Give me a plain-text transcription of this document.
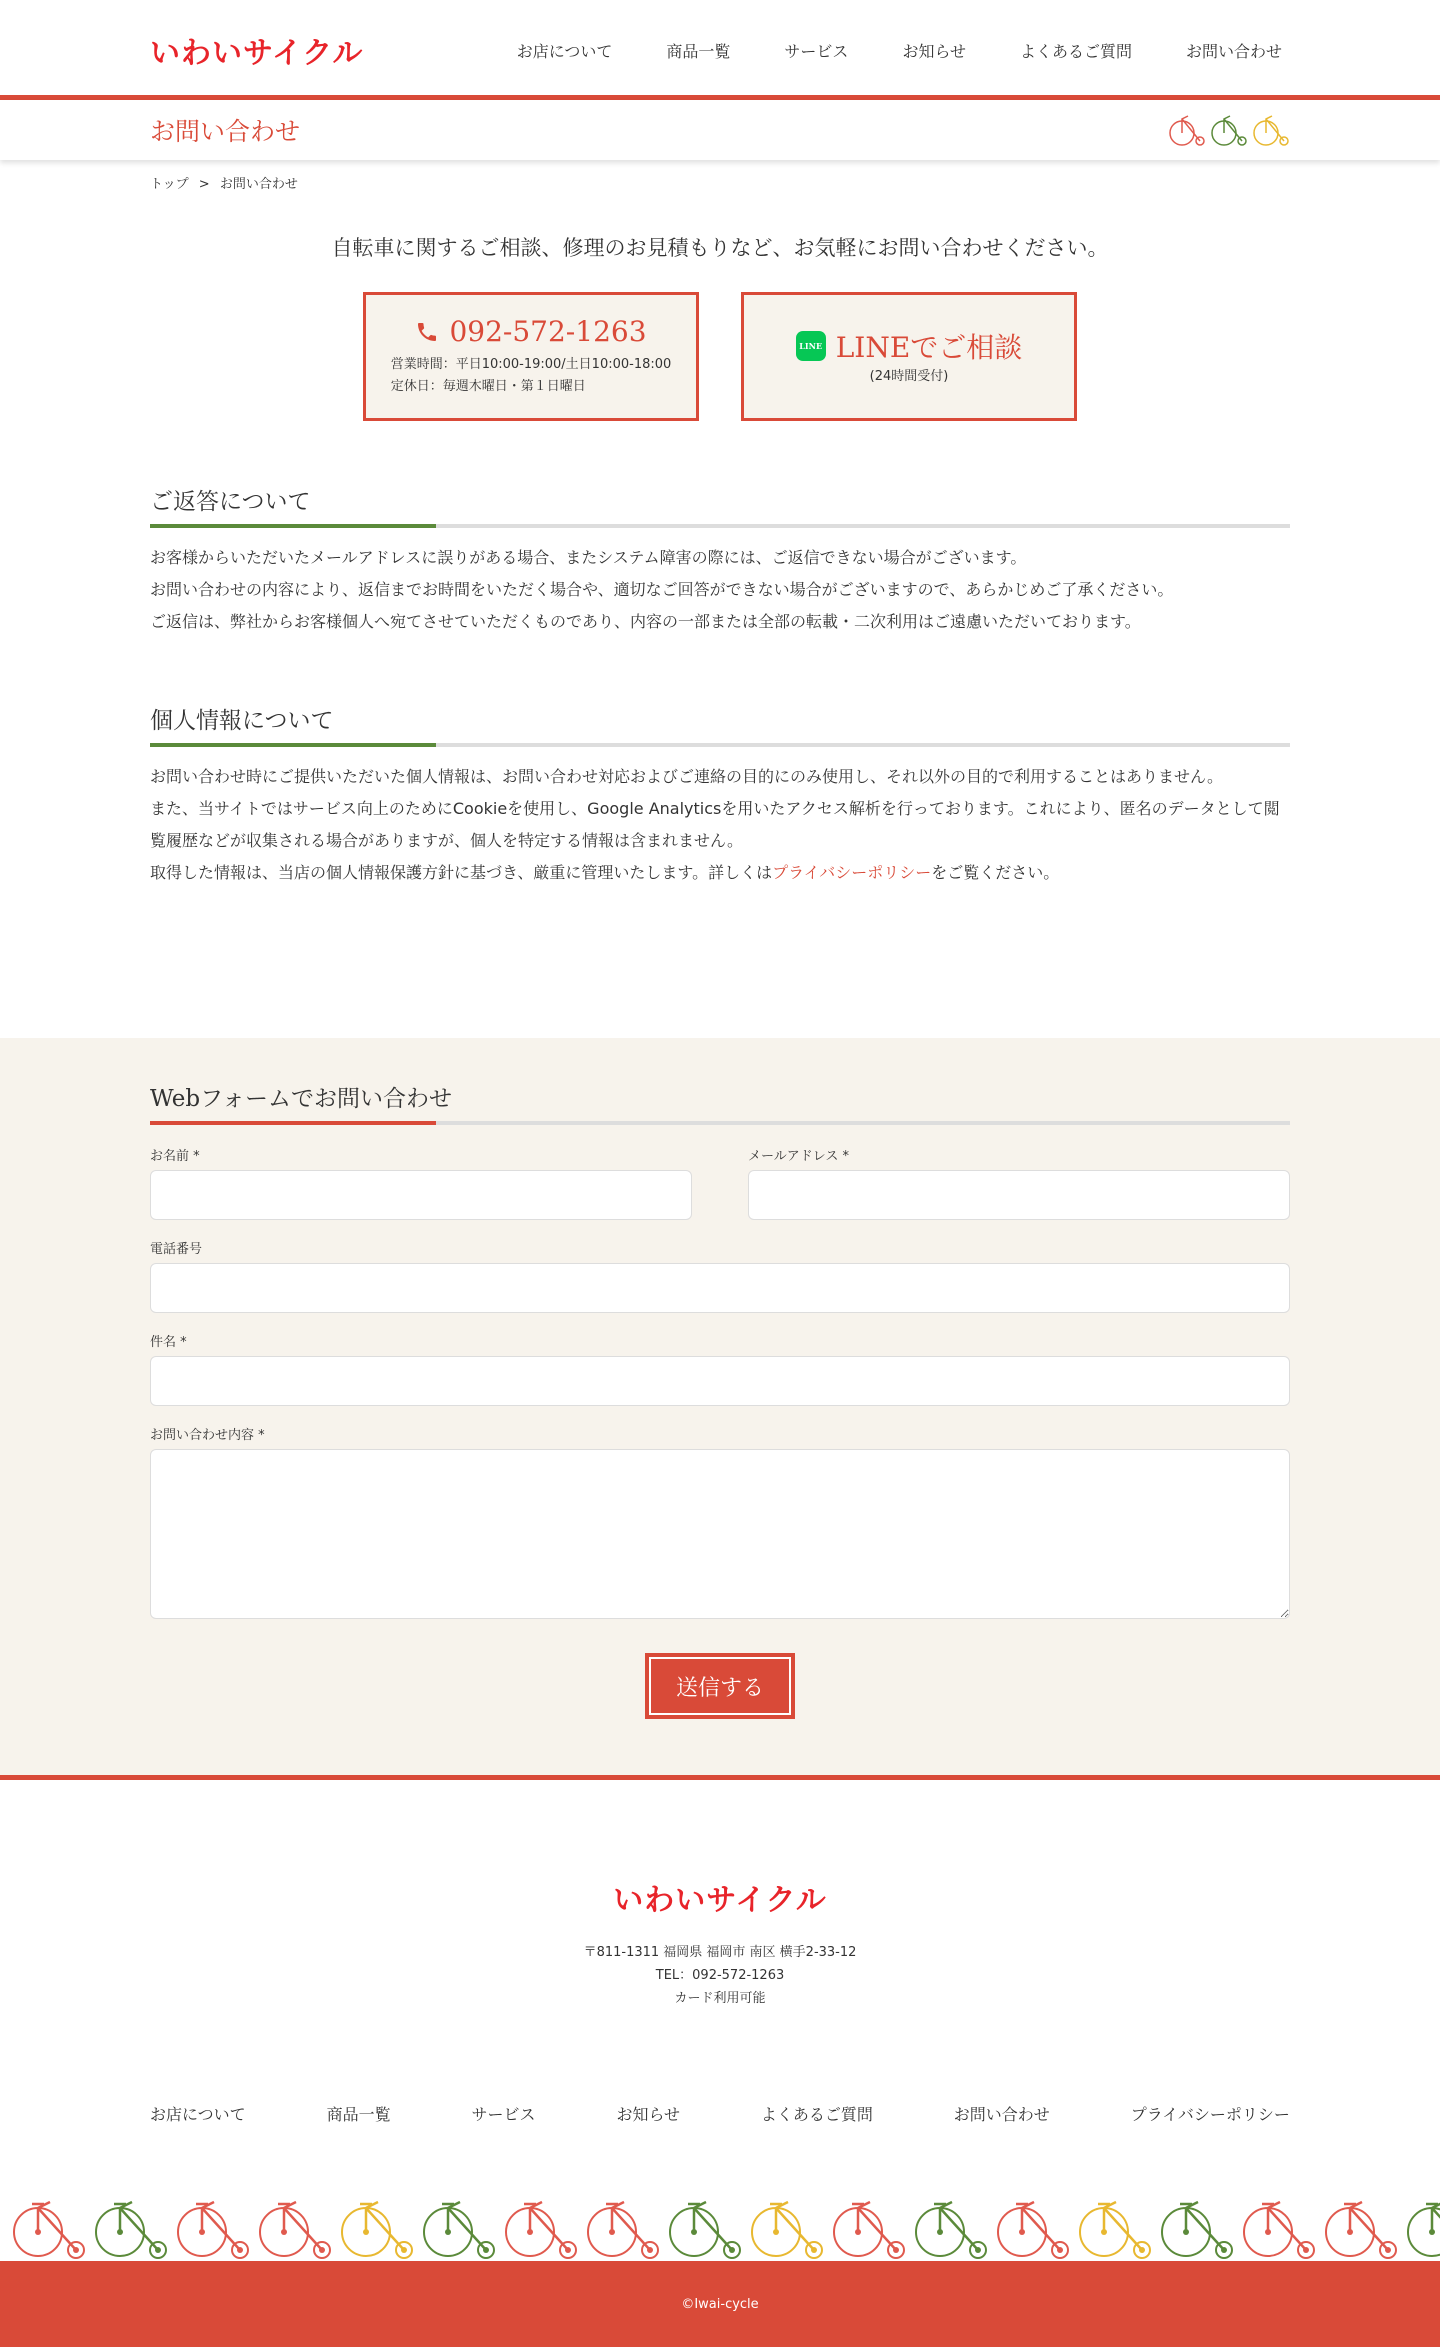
いわいサイクル	お店について	商品一覧	サービス	お知らせ	よくあるご質問	お問い合わせ
お問い合わせ
トップ > お問い合わせ

自転車に関するご相談、修理のお見積もりなど、お気軽にお問い合わせください。

092-572-1263
営業時間：平日10:00-19:00/土日10:00-18:00
定休日：毎週木曜日・第１日曜日
LINE LINEでご相談
(24時間受付)
ご返答について

お客様からいただいたメールアドレスに誤りがある場合、またシステム障害の際には、ご返信できない場合がございます。
お問い合わせの内容により、返信までお時間をいただく場合や、適切なご回答ができない場合がございますので、あらかじめご了承ください。
ご返信は、弊社からお客様個人へ宛てさせていただくものであり、内容の一部または全部の転載・二次利用はご遠慮いただいております。

個人情報について

お問い合わせ時にご提供いただいた個人情報は、お問い合わせ対応およびご連絡の目的にのみ使用し、それ以外の目的で利用することはありません。
また、当サイトではサービス向上のためにCookieを使用し、Google Analyticsを用いたアクセス解析を行っております。これにより、匿名のデータとして閲覧履歴などが収集される場合がありますが、個人を特定する情報は含まれません。
取得した情報は、当店の個人情報保護方針に基づき、厳重に管理いたします。詳しくはプライバシーポリシーをご覧ください。

Webフォームでお問い合わせ
お名前 *	メールアドレス *
電話番号
件名 *
お問い合わせ内容 *
送信する
いわいサイクル
〒811-1311 福岡県 福岡市 南区 横手2-33-12
TEL：092-572-1263
カード利用可能
お店について	商品一覧	サービス	お知らせ	よくあるご質問	お問い合わせ	プライバシーポリシー
©Iwai-cycle
